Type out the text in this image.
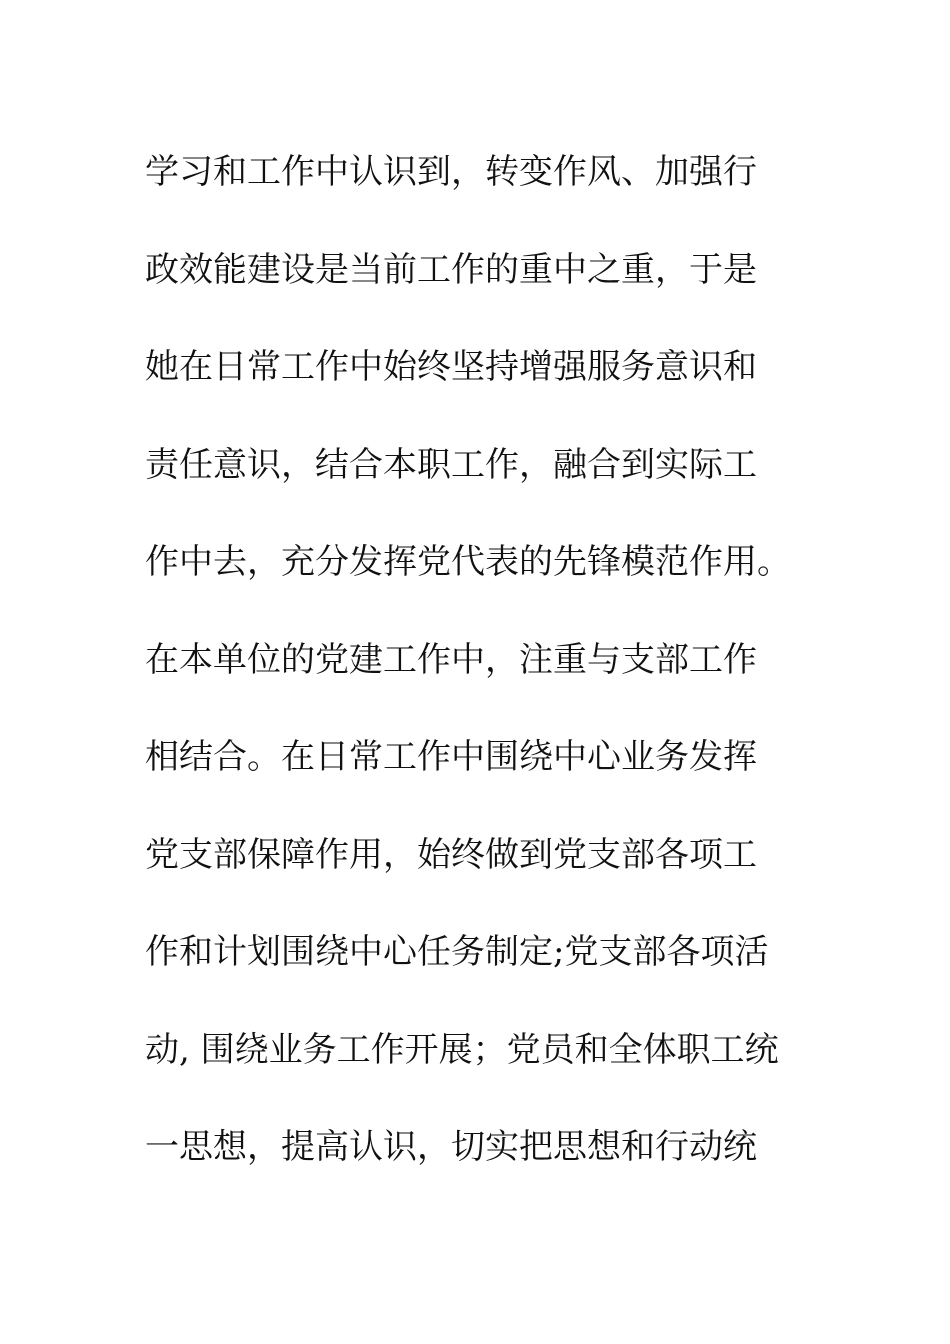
学习和工作中认识到，转变作风、加强行
政效能建设是当前工作的重中之重，于是
她在日常工作中始终坚持增强服务意识和
责任意识，结合本职工作，融合到实际工
作中去，充分发挥党代表的先锋模范作用。
在本单位的党建工作中，注重与支部工作
相结合。在日常工作中围绕中心业务发挥
党支部保障作用，始终做到党支部各项工
作和计划围绕中心任务制定;党支部各项活
动, 围绕业务工作开展；党员和全体职工统
一思想，提高认识，切实把思想和行动统
